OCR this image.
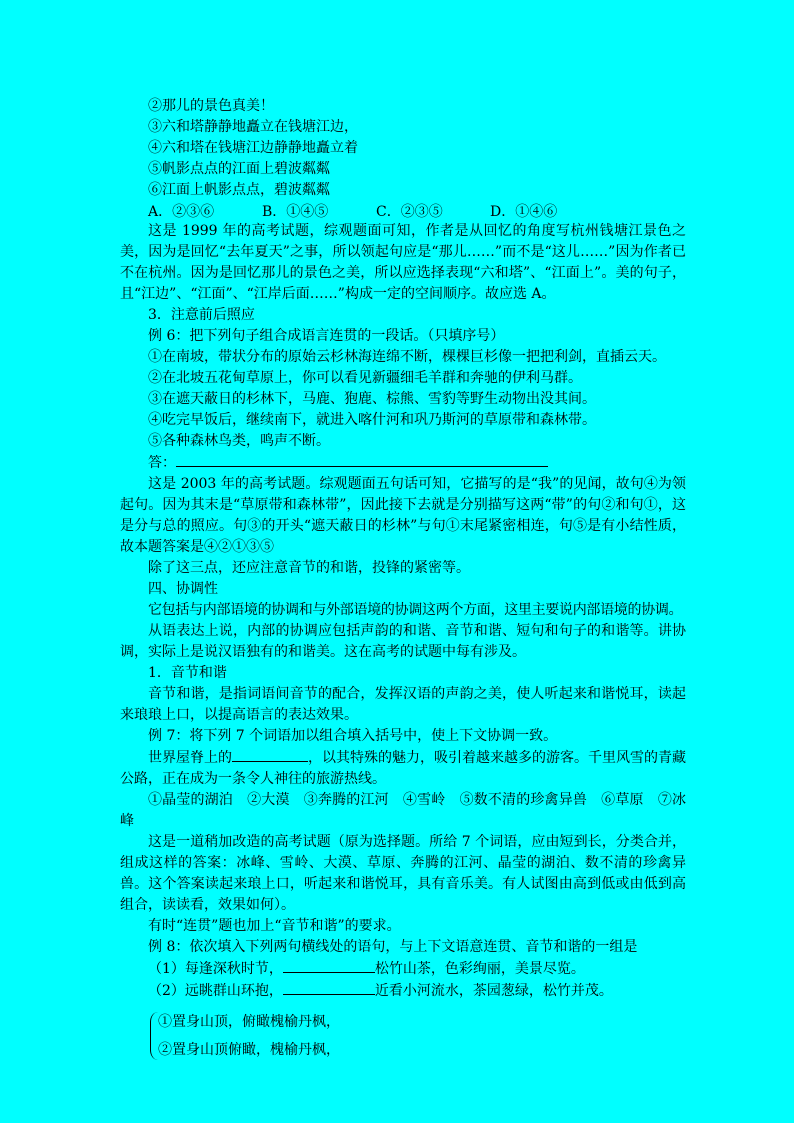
②那儿的景色真美！

③六和塔静静地矗立在钱塘江边，

④六和塔在钱塘江边静静地矗立着

⑤帆影点点的江面上碧波粼粼

⑥江面上帆影点点，碧波粼粼

A．②③⑥	B．①④⑤	C．②③⑤	D．①④⑥

这是 1999 年的高考试题，综观题面可知，作者是从回忆的角度写杭州钱塘江景色之美，因为是回忆“去年夏天”之事，所以领起句应是“那儿……”而不是“这儿……”因为作者已不在杭州。因为是回忆那儿的景色之美，所以应选择表现“六和塔”、“江面上”。美的句子，且“江边”、“江面”、“江岸后面……”构成一定的空间顺序。故应选 A。

3．注意前后照应

例 6：把下列句子组合成语言连贯的一段话。（只填序号）

①在南坡，带状分布的原始云杉林海连绵不断，棵棵巨杉像一把把利剑，直插云天。

②在北坡五花甸草原上，你可以看见新疆细毛羊群和奔驰的伊利马群。

③在遮天蔽日的杉林下，马鹿、狍鹿、棕熊、雪豹等野生动物出没其间。

④吃完早饭后，继续南下，就进入喀什河和巩乃斯河的草原带和森林带。

⑤各种森林鸟类，鸣声不断。

答：

这是 2003 年的高考试题。综观题面五句话可知，它描写的是“我”的见闻，故句④为领起句。因为其末是“草原带和森林带”，因此接下去就是分别描写这两“带”的句②和句①，这是分与总的照应。句③的开头“遮天蔽日的杉林”与句①末尾紧密相连，句⑤是有小结性质，故本题答案是④②①③⑤

除了这三点，还应注意音节的和谐，投锋的紧密等。

四、协调性

它包括与内部语境的协调和与外部语境的协调这两个方面，这里主要说内部语境的协调。

从语表达上说，内部的协调应包括声韵的和谐、音节和谐、短句和句子的和谐等。讲协调，实际上是说汉语独有的和谐美。这在高考的试题中每有涉及。

1．音节和谐

音节和谐，是指词语间音节的配合，发挥汉语的声韵之美，使人听起来和谐悦耳，读起来琅琅上口，以提高语言的表达效果。

例 7：将下列 7 个词语加以组合填入括号中，使上下文协调一致。

世界屋脊上的	，以其特殊的魅力，吸引着越来越多的游客。千里风雪的青藏公路，正在成为一条令人神往的旅游热线。

①晶莹的湖泊　②大漠　③奔腾的江河　④雪岭　⑤数不清的珍禽异兽　⑥草原　⑦冰峰

这是一道稍加改造的高考试题（原为选择题。所给 7 个词语，应由短到长，分类合并，组成这样的答案：冰峰、雪岭、大漠、草原、奔腾的江河、晶莹的湖泊、数不清的珍禽异兽。这个答案读起来琅上口，听起来和谐悦耳，具有音乐美。有人试图由高到低或由低到高组合，读读看，效果如何）。

有时“连贯”题也加上“音节和谐”的要求。

例 8：依次填入下列两句横线处的语句，与上下文语意连贯、音节和谐的一组是

（1）每逢深秋时节，	松竹山茶，色彩绚丽，美景尽览。

（2）远眺群山环抱，	近看小河流水，茶园葱绿，松竹并茂。

①置身山顶，俯瞰槐榆丹枫，

②置身山顶俯瞰，槐榆丹枫，
